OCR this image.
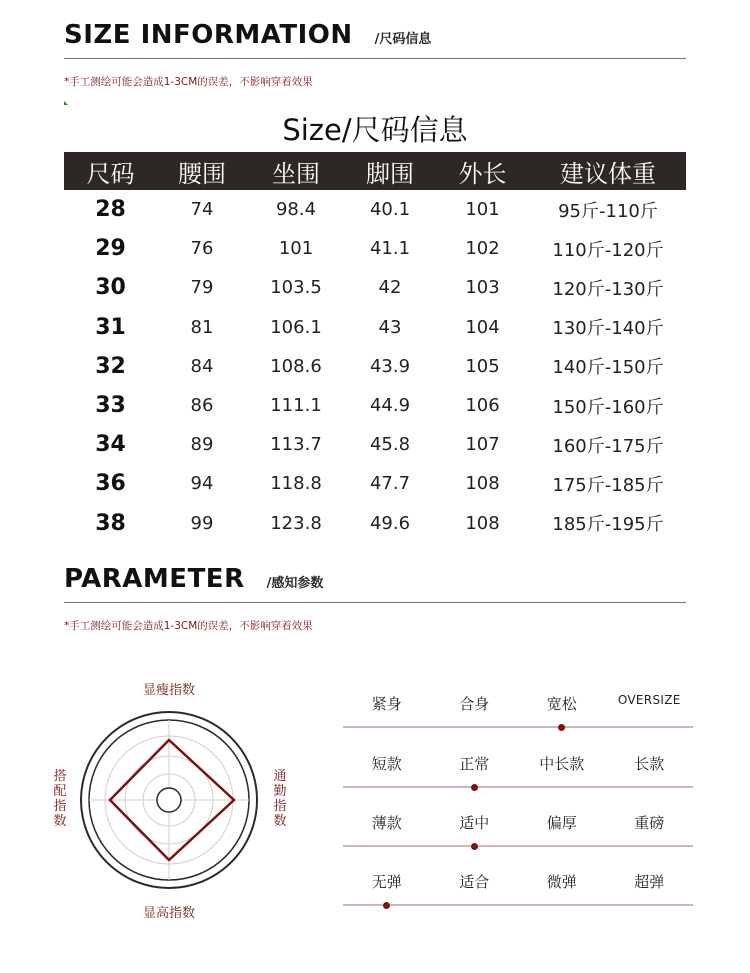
SIZE INFORMATION /尺码信息
*手工测绘可能会造成1-3CM的误差，不影响穿着效果
Size/尺码信息
尺码	腰围	坐围	脚围	外长	建议体重
28	74	98.4	40.1	101	95斤-110斤
29	76	101	41.1	102	110斤-120斤
30	79	103.5	42	103	120斤-130斤
31	81	106.1	43	104	130斤-140斤
32	84	108.6	43.9	105	140斤-150斤
33	86	111.1	44.9	106	150斤-160斤
34	89	113.7	45.8	107	160斤-175斤
36	94	118.8	47.7	108	175斤-185斤
38	99	123.8	49.6	108	185斤-195斤
PARAMETER /感知参数
*手工测绘可能会造成1-3CM的误差，不影响穿着效果
显瘦指数
显高指数
搭配指数
通勤指数
紧身	合身	宽松	OVERSIZE
短款	正常	中长款	长款
薄款	适中	偏厚	重磅
无弹	适合	微弹	超弹
